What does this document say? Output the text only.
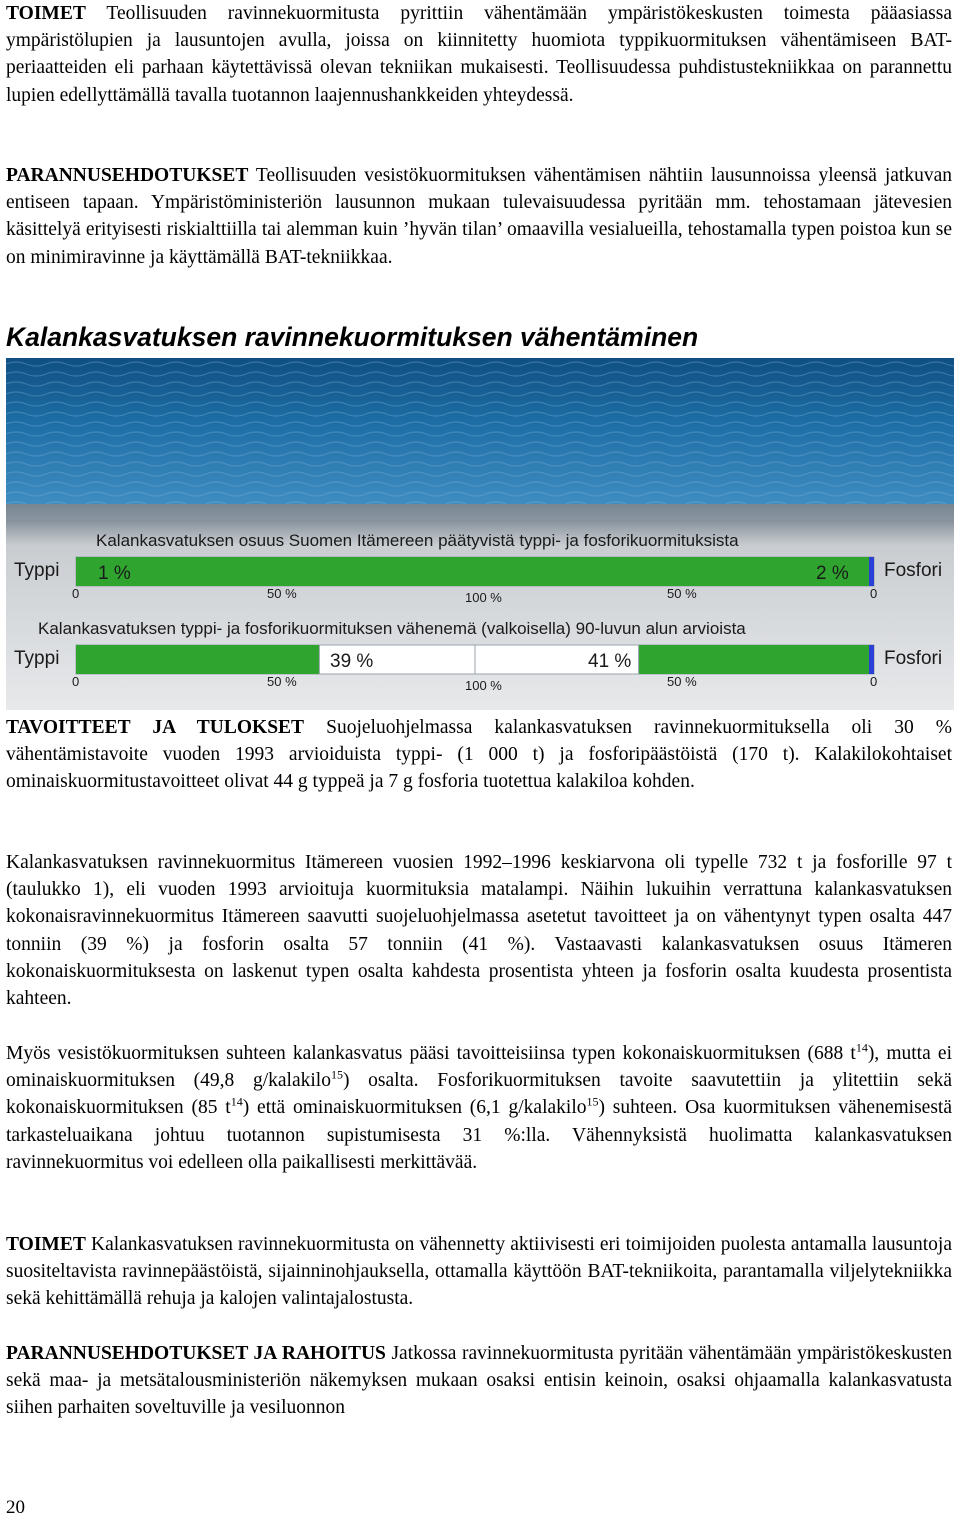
TOIMET Teollisuuden ravinnekuormitusta pyrittiin vähentämään ympäristökeskusten toimesta pääasiassa ympäristölupien ja lausuntojen avulla, joissa on kiinnitetty huomiota typpikuormituksen vähentämiseen BAT-periaatteiden eli parhaan käytettävissä olevan tekniikan mukaisesti. Teollisuudessa puhdistustekniikkaa on parannettu lupien edellyttämällä tavalla tuotannon laajennushankkeiden yhteydessä.

PARANNUSEHDOTUKSET Teollisuuden vesistökuormituksen vähentämisen nähtiin lausunnoissa yleensä jatkuvan entiseen tapaan. Ympäristöministeriön lausunnon mukaan tulevaisuudessa pyritään mm. tehostamaan jätevesien käsittelyä erityisesti riskialttiilla tai alemman kuin ’hyvän tilan’ omaavilla vesialueilla, tehostamalla typen poistoa kun se on minimiravinne ja käyttämällä BAT-tekniikkaa.

Kalankasvatuksen ravinnekuormituksen vähentäminen
Kalankasvatuksen osuus Suomen Itämereen päätyvistä typpi- ja fosforikuormituksista
Typpi	Fosfori
1 %	2 %
0	50 %	100 %	50 %	0
Kalankasvatuksen typpi- ja fosforikuormituksen vähenemä (valkoisella) 90-luvun alun arvioista
Typpi	Fosfori
39 %	41 %
0	50 %	100 %	50 %	0

TAVOITTEET JA TULOKSET Suojeluohjelmassa kalankasvatuksen ravinnekuormituksella oli 30 % vähentämistavoite vuoden 1993 arvioiduista typpi- (1 000 t) ja fosforipäästöistä (170 t). Kalakilokohtaiset ominaiskuormitustavoitteet olivat 44 g typpeä ja 7 g fosforia tuotettua kalakiloa kohden.

Kalankasvatuksen ravinnekuormitus Itämereen vuosien 1992–1996 keskiarvona oli typelle 732 t ja fosforille 97 t (taulukko 1), eli vuoden 1993 arvioituja kuormituksia matalampi. Näihin lukuihin verrattuna kalankasvatuksen kokonaisravinnekuormitus Itämereen saavutti suojeluohjelmassa asetetut tavoitteet ja on vähentynyt typen osalta 447 tonniin (39 %) ja fosforin osalta 57 tonniin (41 %). Vastaavasti kalankasvatuksen osuus Itämeren kokonaiskuormituksesta on laskenut typen osalta kahdesta prosentista yhteen ja fosforin osalta kuudesta prosentista kahteen.

Myös vesistökuormituksen suhteen kalankasvatus pääsi tavoitteisiinsa typen kokonaiskuormituksen (688 $t^{14}$), mutta ei ominaiskuormituksen (49,8 g/kalakilo$^{15}$) osalta. Fosforikuormituksen tavoite saavutettiin ja ylitettiin sekä kokonaiskuormituksen (85 $t^{14}$) että ominaiskuormituksen (6,1 g/kalakilo$^{15}$) suhteen. Osa kuormituksen vähenemisestä tarkasteluaikana johtuu tuotannon supistumisesta 31 %:lla. Vähennyksistä huolimatta kalankasvatuksen ravinnekuormitus voi edelleen olla paikallisesti merkittävää.

TOIMET Kalankasvatuksen ravinnekuormitusta on vähennetty aktiivisesti eri toimijoiden puolesta antamalla lausuntoja suositeltavista ravinnepäästöistä, sijainninohjauksella, ottamalla käyttöön BAT-tekniikoita, parantamalla viljelytekniikka sekä kehittämällä rehuja ja kalojen valintajalostusta.

PARANNUSEHDOTUKSET JA RAHOITUS Jatkossa ravinnekuormitusta pyritään vähentämään ympäristökeskusten sekä maa- ja metsätalousministeriön näkemyksen mukaan osaksi entisin keinoin, osaksi ohjaamalla kalankasvatusta siihen parhaiten soveltuville ja vesiluonnon

20
